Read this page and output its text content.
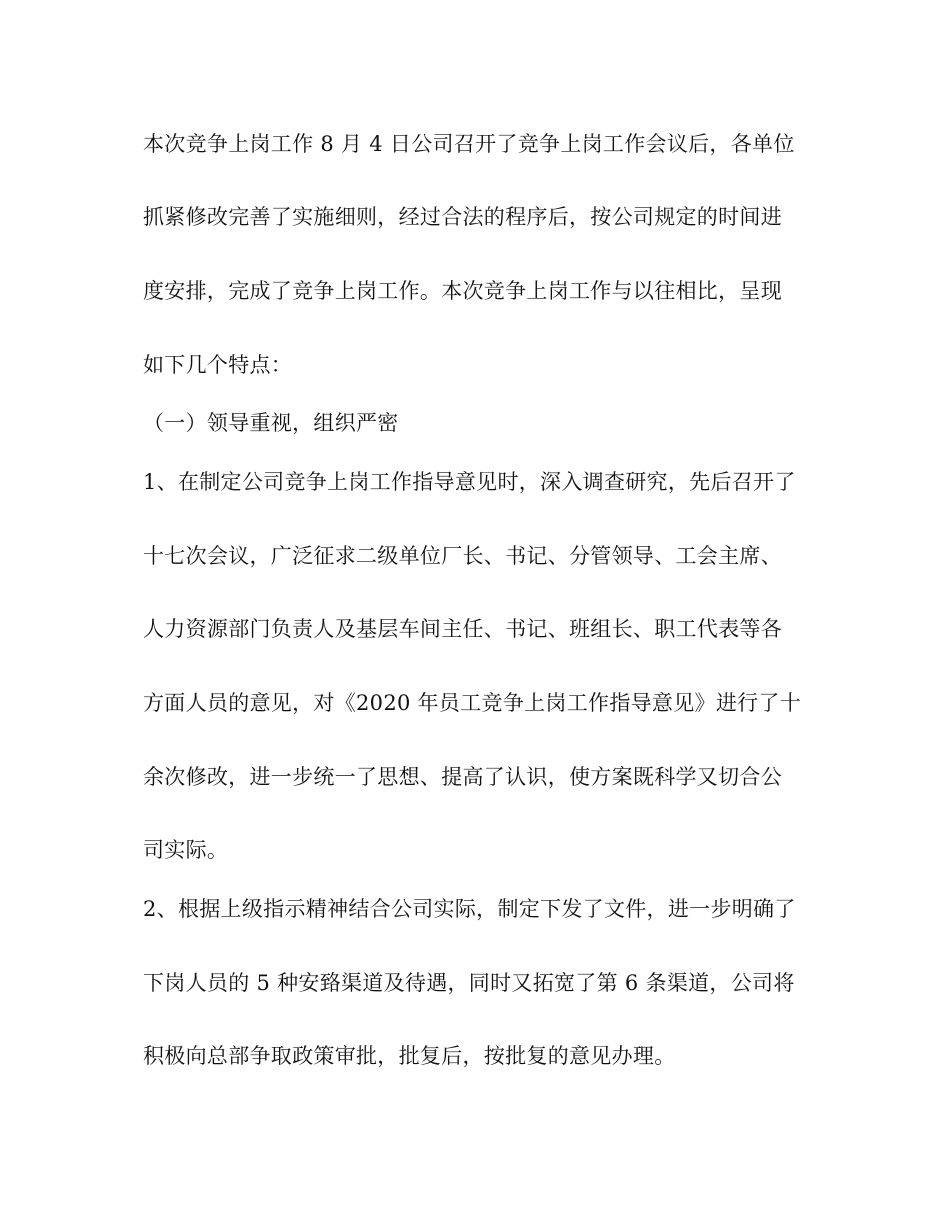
本次竞争上岗工作 8 月 4 日公司召开了竞争上岗工作会议后，各单位
抓紧修改完善了实施细则，经过合法的程序后，按公司规定的时间进
度安排，完成了竞争上岗工作。本次竞争上岗工作与以往相比，呈现
如下几个特点：
（一）领导重视，组织严密
1、在制定公司竞争上岗工作指导意见时，深入调查研究，先后召开了
十七次会议，广泛征求二级单位厂长、书记、分管领导、工会主席、
人力资源部门负责人及基层车间主任、书记、班组长、职工代表等各
方面人员的意见，对《2020 年员工竞争上岗工作指导意见》进行了十
余次修改，进一步统一了思想、提高了认识，使方案既科学又切合公
司实际。
2、根据上级指示精神结合公司实际，制定下发了文件，进一步明确了
下岗人员的 5 种安臵渠道及待遇，同时又拓宽了第 6 条渠道，公司将
积极向总部争取政策审批，批复后，按批复的意见办理。
